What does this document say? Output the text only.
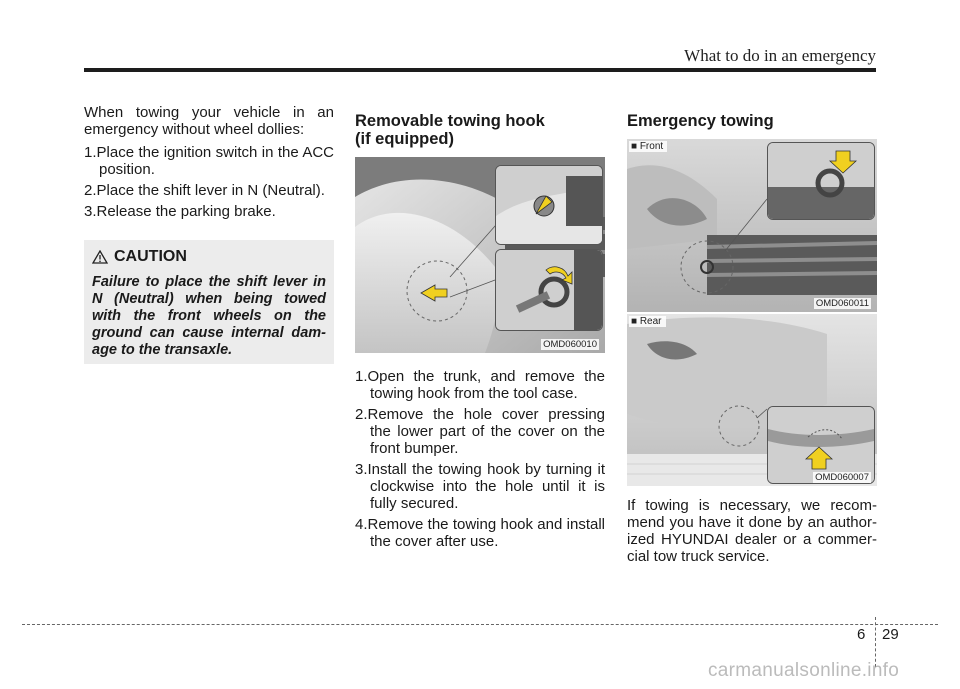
What to do in an emergency

When towing your vehicle in an emergency without wheel dollies:

1.Place the ignition switch in the ACC position.
2.Place the shift lever in N (Neutral).
3.Release the parking brake.
CAUTION
Failure to place the shift lever in N (Neutral) when being towed with the front wheels on the ground can cause internal dam-age to the transaxle.
Removable towing hook
(if equipped)
OMD060010
1.Open the trunk, and remove the towing hook from the tool case.
2.Remove the hole cover pressing the lower part of the cover on the front bumper.
3.Install the towing hook by turning it clockwise into the hole until it is fully secured.
4.Remove the towing hook and install the cover after use.
Emergency towing
■ Front
OMD060011
■ Rear
OMD060007

If towing is necessary, we recom-mend you have it done by an author-ized HYUNDAI dealer or a commer-cial tow truck service.

6 29
carmanualsonline.info
